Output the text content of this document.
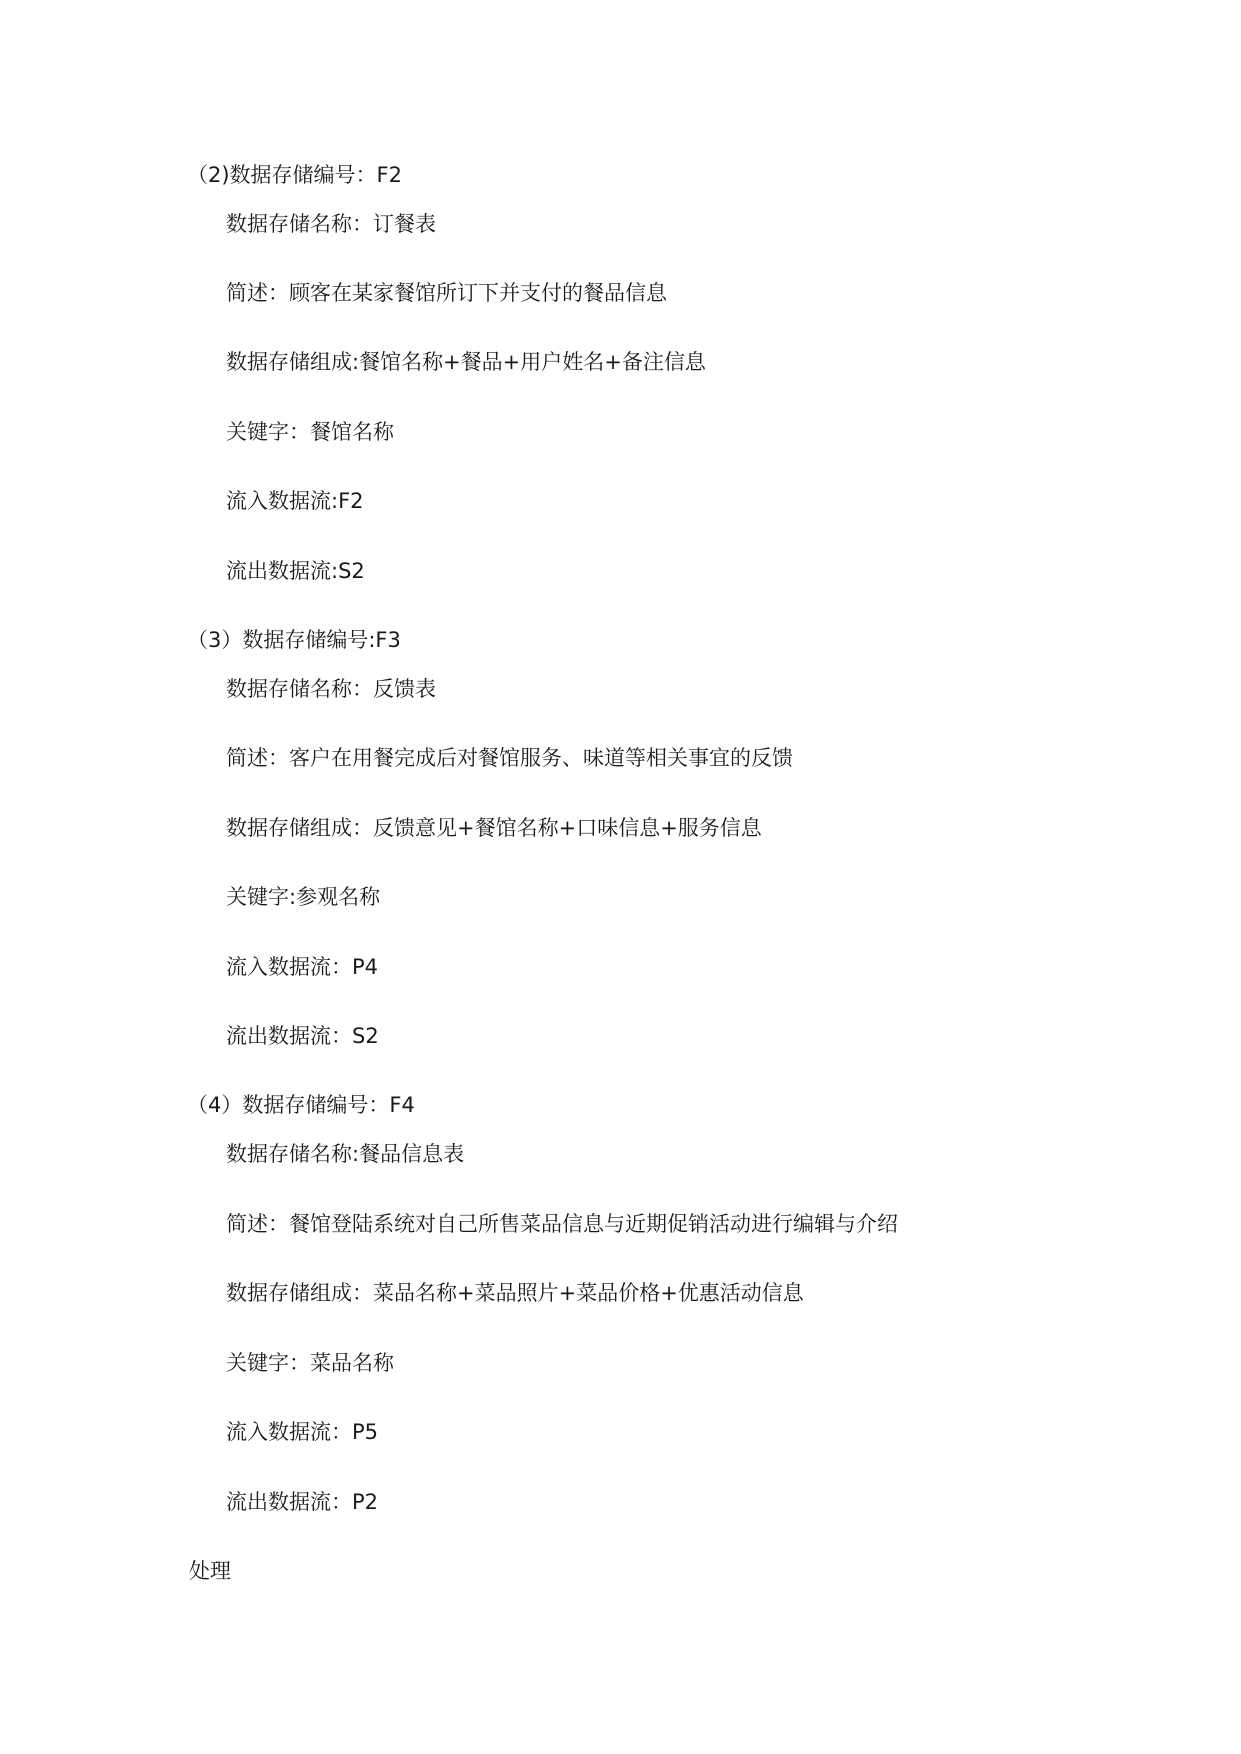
（2)数据存储编号：F2
数据存储名称：订餐表
简述：顾客在某家餐馆所订下并支付的餐品信息
数据存储组成:餐馆名称+餐品+用户姓名+备注信息
关键字：餐馆名称
流入数据流:F2
流出数据流:S2
（3）数据存储编号:F3
数据存储名称：反馈表
简述：客户在用餐完成后对餐馆服务、味道等相关事宜的反馈
数据存储组成：反馈意见+餐馆名称+口味信息+服务信息
关键字:参观名称
流入数据流：P4
流出数据流：S2
（4）数据存储编号：F4
数据存储名称:餐品信息表
简述：餐馆登陆系统对自己所售菜品信息与近期促销活动进行编辑与介绍
数据存储组成：菜品名称+菜品照片+菜品价格+优惠活动信息
关键字：菜品名称
流入数据流：P5
流出数据流：P2
处理
